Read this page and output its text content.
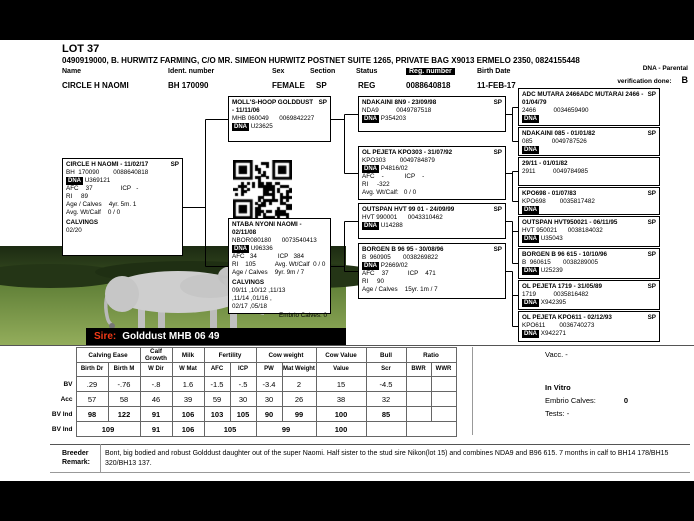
LOT 37
0490919000, B. HURWITZ FARMING, C/O MR. SIMEON HURWITZ POSTNET SUITE 1265, PRIVATE BAG X9013 ERMELO 2350, 0824155448
Name	Ident. number	Sex	Section	Status	Reg. number	Birth Date	DNA - Parental
verification done: B
CIRCLE H NAOMI	BH 170090	FEMALE SP	REG	0088640818	11-FEB-17
CIRCLE H NAOMI - 11/02/17	SP
BH  170090        0088640818
DNA U369121
AFC    37                ICP   -
RI     89
Age / Calves    4yr. 5m. 1
Avg. Wt/Calf    0 / 0
CALVINGS
02/20
MOLL'S-HOOP GOLDDUST - 11/11/06
SP
MHB 060049      0069842227
DNA U23625
NTABA NYONI NAOMI - 02/11/08
NBOR080180      0073540413
DNA U96336
AFC   34            ICP   384
RI    105           Avg. Wt/Calf  0 / 0
Age / Calves    9yr. 9m / 7
CALVINGS
09/11 ,10/12 ,11/13
,11/14 ,01/16 ,
02/17 ,05/18
Embrio Calves: 0
NDAKAINI 8N9 - 23/09/98	SP
NDA9          0049787518
DNA P354203
OL PEJETA KPO303 - 31/07/92	SP
KPO303        0049784879
DNA P4816/02
AFC    -            ICP    -
RI     -322
Avg. Wt/Calf:   0 / 0
OUTSPAN HVT 99 01 - 24/09/99	SP
HVT 990001      0043310462
DNA U14288
BORGEN B 96 95 - 30/08/96	SP
B  960905       0038269822
DNA P2669/02
AFC    37           ICP    471
RI     90
Age / Calves    15yr. 1m / 7
ADC MUTARA 2466ADC MUTARAI 2466 - SP
01/04/79
2466          0034659490
DNA
NDAKAINI 085 - 01/01/82	SP
085           0049787526
DNA
29/11 - 01/01/82
2911          0049784985
KPO698 - 01/07/83	SP
KPO698        0035817482
DNA
OUTSPAN HVT950021 - 06/11/95	SP
HVT 950021      0038184032
DNA U35043
BORGEN B 96 615 - 10/10/96	SP
B  960615       0038289005
DNA U25239
OL PEJETA 1719 - 31/05/89	SP
1719          0035816482
DNA X942395
OL PEJETA KPO611 - 02/12/93	SP
KPO611        0036740273
DNA X942271
Sire: Golddust MHB 06 49
	Calving Ease		Calf Growth	Milk	Fertility		Cow weight		Cow Value	Bull	Ratio	
	Birth Dr	Birth M	W Dir	W Mat	AFC	ICP	PW	Mat Weight	Value	Scr	BWR	WWR
BV	.29	-.76	-.8	1.6	-1.5	-.5	-3.4	2	15	-4.5		
Acc	57	58	46	39	59	30	30	26	38	32		
BV Ind	98	122	91	106	103	105	90	99	100	85		
BV Ind	109		91	106	105		99		100			
Vacc. -
In Vitro
Embrio Calves:	0
Tests: -
Breeder
Remark:
Bont, big bodied and robust Golddust daughter out of the super Naomi. Half sister to the stud sire Nikon(lot 15) and combines NDA9 and B96 615. 7 months in calf to BH14 178/BH15 320/BH13 137.
